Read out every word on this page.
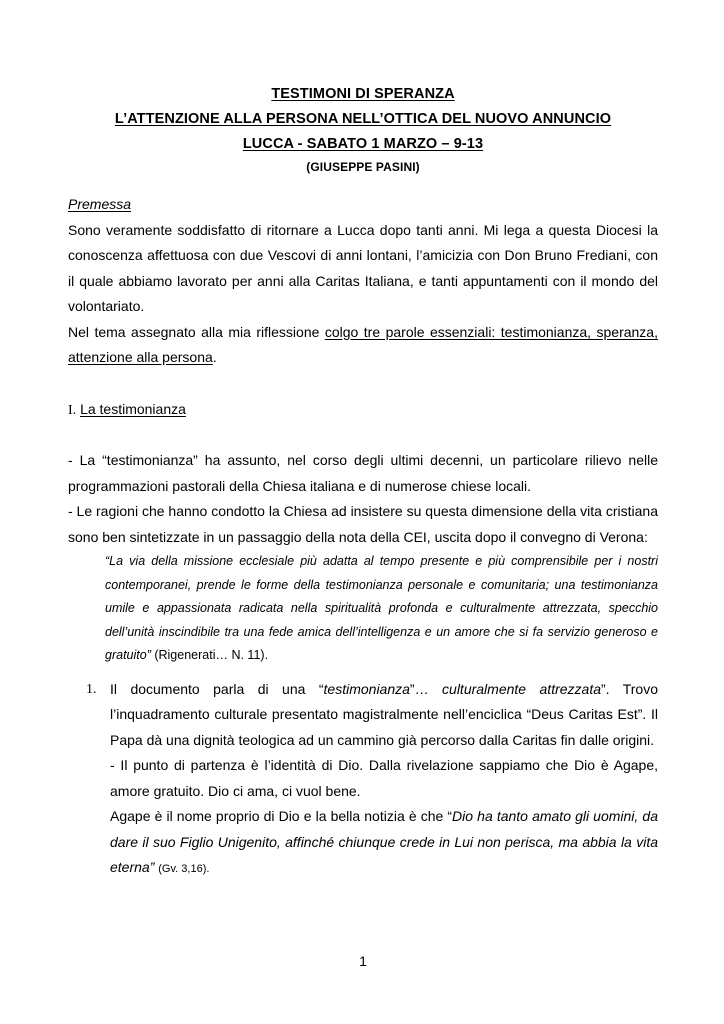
TESTIMONI DI SPERANZA
L’ATTENZIONE ALLA PERSONA NELL’OTTICA DEL NUOVO ANNUNCIO
LUCCA - SABATO 1 MARZO – 9-13
(GIUSEPPE PASINI)
Premessa
Sono veramente soddisfatto di ritornare a Lucca dopo tanti anni. Mi lega a questa Diocesi la conoscenza affettuosa con due Vescovi di anni lontani, l’amicizia con Don Bruno Frediani, con il quale abbiamo lavorato per anni alla Caritas Italiana, e tanti appuntamenti con il mondo del volontariato.
Nel tema assegnato alla mia riflessione colgo tre parole essenziali: testimonianza, speranza, attenzione alla persona.
I. La testimonianza
- La “testimonianza” ha assunto, nel corso degli ultimi decenni, un particolare rilievo nelle programmazioni pastorali della Chiesa italiana e di numerose chiese locali.
- Le ragioni che hanno condotto la Chiesa ad insistere su questa dimensione della vita cristiana sono ben sintetizzate in un passaggio della nota della CEI, uscita dopo il convegno di Verona:
“La via della missione ecclesiale più adatta al tempo presente e più comprensibile per i nostri contemporanei, prende le forme della testimonianza personale e comunitaria; una testimonianza umile e appassionata radicata nella spiritualità profonda e culturalmente attrezzata, specchio dell’unità inscindibile tra una fede amica dell’intelligenza e un amore che si fa servizio generoso e gratuito” (Rigenerati… N. 11).
1. Il documento parla di una “testimonianza”… culturalmente attrezzata”. Trovo l’inquadramento culturale presentato magistralmente nell’enciclica “Deus Caritas Est”. Il Papa dà una dignità teologica ad un cammino già percorso dalla Caritas fin dalle origini.
- Il punto di partenza è l’identità di Dio. Dalla rivelazione sappiamo che Dio è Agape, amore gratuito. Dio ci ama, ci vuol bene.
Agape è il nome proprio di Dio e la bella notizia è che “Dio ha tanto amato gli uomini, da dare il suo Figlio Unigenito, affinché chiunque crede in Lui non perisca, ma abbia la vita eterna” (Gv. 3,16).
1
